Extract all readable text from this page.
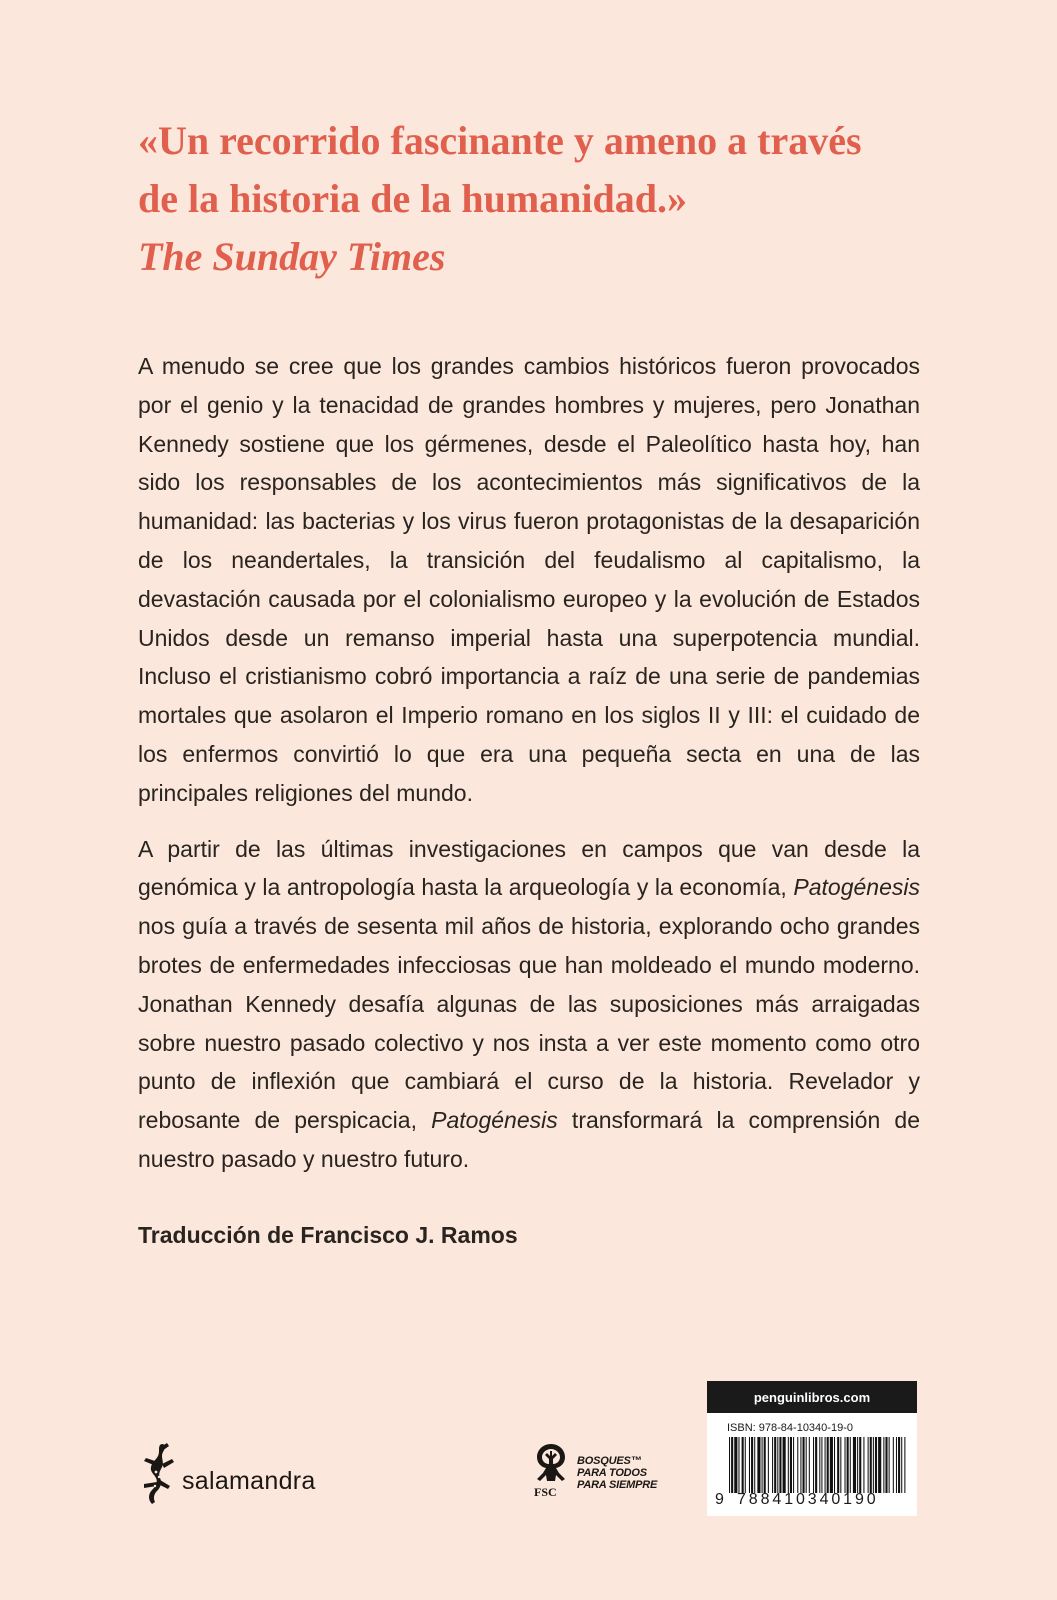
«Un recorrido fascinante y ameno a través
de la historia de la humanidad.»
The Sunday Times

A menudo se cree que los grandes cambios históricos fueron provocados por el genio y la tenacidad de grandes hombres y mujeres, pero Jonathan Kennedy sostiene que los gérmenes, desde el Paleolítico hasta hoy, han sido los responsables de los acontecimientos más significativos de la humanidad: las bacterias y los virus fueron protagonistas de la desaparición de los neandertales, la transición del feudalismo al capitalismo, la devastación causada por el colonialismo europeo y la evolución de Estados Unidos desde un remanso imperial hasta una superpotencia mundial. Incluso el cristianismo cobró importancia a raíz de una serie de pandemias mortales que asolaron el Imperio romano en los siglos II y III: el cuidado de los enfermos convirtió lo que era una pequeña secta en una de las principales religiones del mundo.

A partir de las últimas investigaciones en campos que van desde la genómica y la antropología hasta la arqueología y la economía, Patogénesis nos guía a través de sesenta mil años de historia, explorando ocho grandes brotes de enfermedades infecciosas que han moldeado el mundo moderno. Jonathan Kennedy desafía algunas de las suposiciones más arraigadas sobre nuestro pasado colectivo y nos insta a ver este momento como otro punto de inflexión que cambiará el curso de la historia. Revelador y rebosante de perspicacia, Patogénesis transformará la comprensión de nuestro pasado y nuestro futuro.

Traducción de Francisco J. Ramos
salamandra	FSC
BOSQUES™
PARA TODOS
PARA SIEMPRE
penguinlibros.com
ISBN: 978-84-10340-19-0
9 788410340190
